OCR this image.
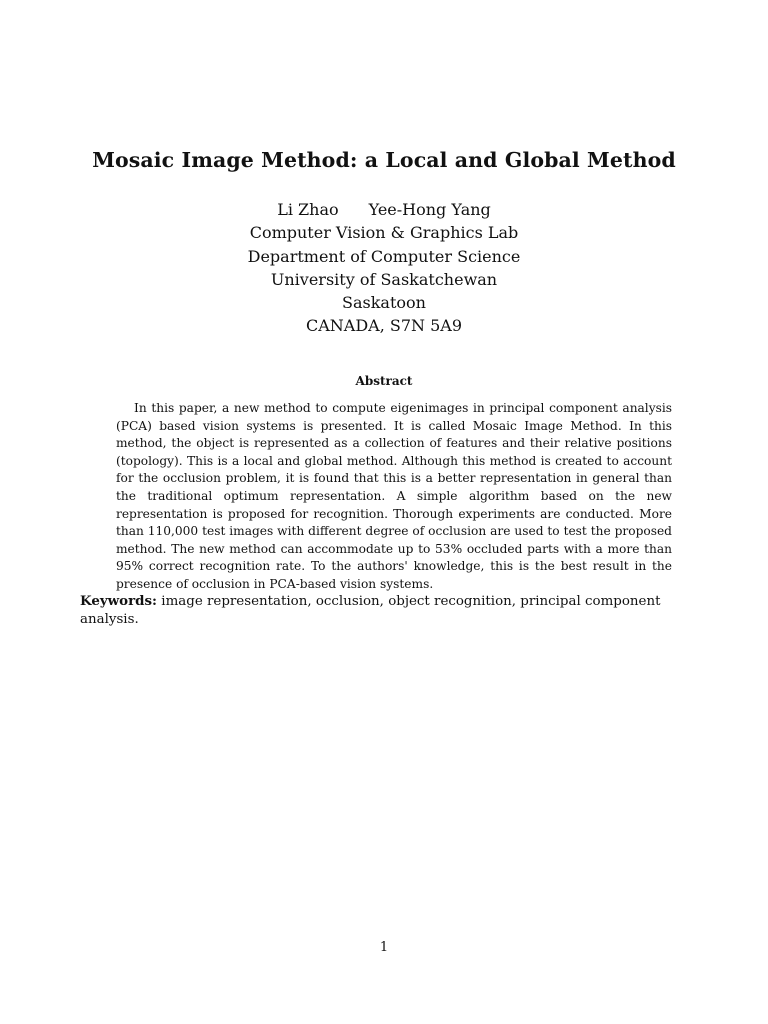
Mosaic Image Method: a Local and Global Method
Li Zhao Yee-Hong Yang
Computer Vision & Graphics Lab
Department of Computer Science
University of Saskatchewan
Saskatoon
CANADA, S7N 5A9
Abstract
In this paper, a new method to compute eigenimages in principal component analysis (PCA) based vision systems is presented. It is called Mosaic Image Method. In this method, the object is represented as a collection of features and their relative positions (topology). This is a local and global method. Although this method is created to account for the occlusion problem, it is found that this is a better representation in general than the traditional optimum representation. A simple algorithm based on the new representation is proposed for recognition. Thorough experiments are conducted. More than 110,000 test images with different degree of occlusion are used to test the proposed method. The new method can accommodate up to 53% occluded parts with a more than 95% correct recognition rate. To the authors' knowledge, this is the best result in the presence of occlusion in PCA-based vision systems.
Keywords: image representation, occlusion, object recognition, principal component analysis.
1
